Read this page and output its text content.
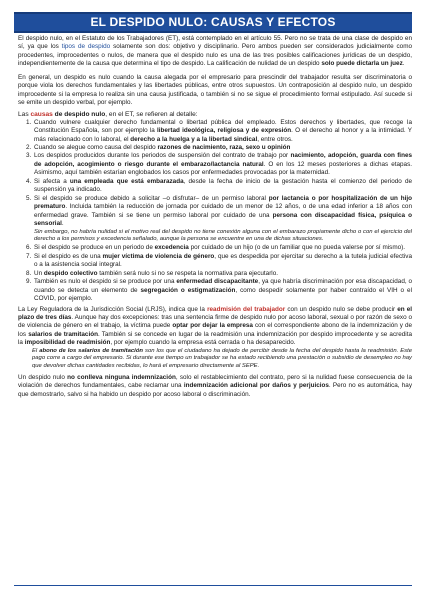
EL DESPIDO NULO: CAUSAS Y EFECTOS

El despido nulo, en el Estatuto de los Trabajadores (ET), está contemplado en el artículo 55. Pero no se trata de una clase de despido en sí, ya que los tipos de despido solamente son dos: objetivo y disciplinario. Pero ambos pueden ser considerados judicialmente como procedentes, improcedentes o nulos, de manera que el despido nulo es una de las tres posibles calificaciones jurídicas de un despido, independientemente de la causa que determina el tipo de despido. La calificación de nulidad de un despido solo puede dictarla un juez.

En general, un despido es nulo cuando la causa alegada por el empresario para prescindir del trabajador resulta ser discriminatoria o porque viola los derechos fundamentales y las libertades públicas, entre otros supuestos. Un contraposición al despido nulo, un despido improcedente si la empresa lo realiza sin una causa justificada, o también si no se sigue el procedimiento formal estipulado. Así sucede si se emite un despido verbal, por ejemplo.

Las causas de despido nulo, en el ET, se refieren al detalle:

1. Cuando vulnere cualquier derecho fundamental o libertad pública del empleado. Estos derechos y libertades, que recoge la Constitución Española, son por ejemplo la libertad ideológica, religiosa y de expresión. O el derecho al honor y a la intimidad. Y más relacionado con lo laboral, el derecho a la huelga y a la libertad sindical, entre otros.
2. Cuando se alegue como causa del despido razones de nacimiento, raza, sexo u opinión
3. Los despidos producidos durante los periodos de suspensión del contrato de trabajo por nacimiento, adopción, guarda con fines de adopción, acogimiento o riesgo durante el embarazo/lactancia natural. O en los 12 meses posteriores a dichas etapas. Asimismo, aquí también estarían englobados los casos por enfermedades provocadas por la maternidad.
4. Si afecta a una empleada que está embarazada, desde la fecha de inicio de la gestación hasta el comienzo del periodo de suspensión ya indicado.
5. Si el despido se produce debido a solicitar –o disfrutar– de un permiso laboral por lactancia o por hospitalización de un hijo prematuro. Incluida también la reducción de jornada por cuidado de un menor de 12 años, o de una edad inferior a 18 años con enfermedad grave. También si se tiene un permiso laboral por cuidado de una persona con discapacidad física, psíquica o sensorial.
Sin embargo, no habría nulidad si el motivo real del despido no tiene conexión alguna con el embarazo propiamente dicho o con el ejercicio del derecho a los permisos y excedencia señalado, aunque la persona se encuentre en una de dichas situaciones.
6. Si el despido se produce en un periodo de excedencia por cuidado de un hijo (o de un familiar que no pueda valerse por sí mismo).
7. Si el despido es de una mujer víctima de violencia de género, que es despedida por ejercitar su derecho a la tutela judicial efectiva o a la asistencia social integral.
8. Un despido colectivo también será nulo si no se respeta la normativa para ejecutarlo.
9. También es nulo el despido si se produce por una enfermedad discapacitante, ya que habría discriminación por esa discapacidad, o cuando se detecta un elemento de segregación o estigmatización, como despedir solamente por haber contraído el VIH o el COVID, por ejemplo.

La Ley Reguladora de la Jurisdicción Social (LRJS), indica que la readmisión del trabajador con un despido nulo se debe producir en el plazo de tres días. Aunque hay dos excepciones: tras una sentencia firme de despido nulo por acoso laboral, sexual o por razón de sexo o de violencia de género en el trabajo, la víctima puede optar por dejar la empresa con el correspondiente abono de la indemnización y de los salarios de tramitación. También si se concede en lugar de la readmisión una indemnización por despido improcedente y se acredita la imposibilidad de readmisión, por ejemplo cuando la empresa está cerrada o ha desaparecido.

El abono de los salarios de tramitación son los que el ciudadano ha dejado de percibir desde la fecha del despido hasta la readmisión. Este pago corre a cargo del empresario. Si durante ese tiempo un trabajador se ha estado recibiendo una prestación o subsidio de desempleo no hay que devolver dichas cantidades recibidas, lo hará el empresario directamente al SEPE.

Un despido nulo no conlleva ninguna indemnización, solo el restablecimiento del contrato, pero si la nulidad fuese consecuencia de la violación de derechos fundamentales, cabe reclamar una indemnización adicional por daños y perjuicios. Pero no es automática, hay que demostrarlo, salvo si ha habido un despido por acoso laboral o discriminación.
